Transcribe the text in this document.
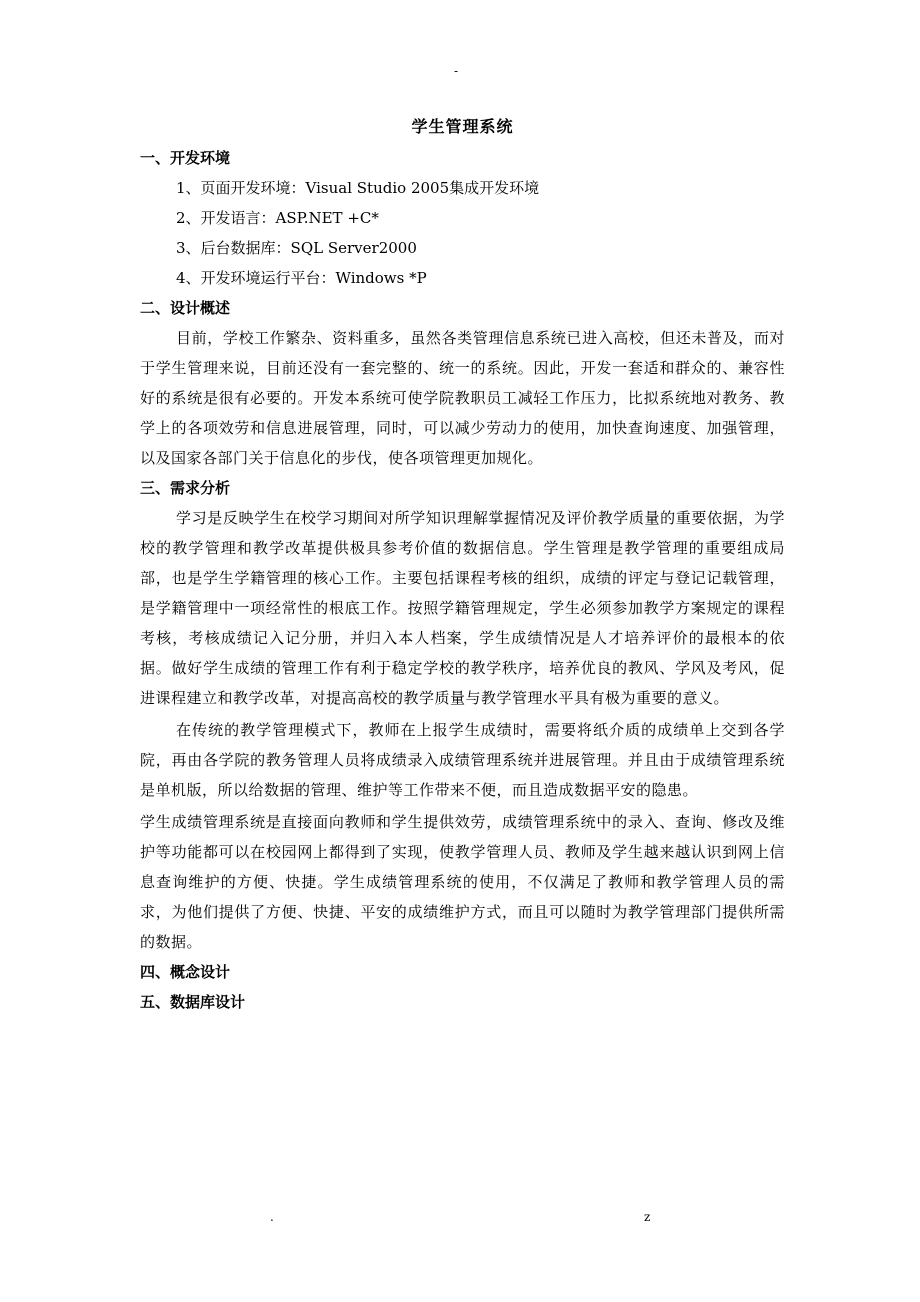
-
学生管理系统
一、开发环境
1、页面开发环境：Visual Studio 2005集成开发环境
2、开发语言：ASP.NET +C*
3、后台数据库：SQL Server2000
4、开发环境运行平台：Windows *P
二、设计概述
目前，学校工作繁杂、资料重多，虽然各类管理信息系统已进入高校，但还未普及，而对于学生管理来说，目前还没有一套完整的、统一的系统。因此，开发一套适和群众的、兼容性好的系统是很有必要的。开发本系统可使学院教职员工减轻工作压力，比拟系统地对教务、教学上的各项效劳和信息进展管理，同时，可以减少劳动力的使用，加快查询速度、加强管理，以及国家各部门关于信息化的步伐，使各项管理更加规化。
三、需求分析
学习是反映学生在校学习期间对所学知识理解掌握情况及评价教学质量的重要依据，为学校的教学管理和教学改革提供极具参考价值的数据信息。学生管理是教学管理的重要组成局部，也是学生学籍管理的核心工作。主要包括课程考核的组织，成绩的评定与登记记载管理，是学籍管理中一项经常性的根底工作。按照学籍管理规定，学生必须参加教学方案规定的课程考核，考核成绩记入记分册，并归入本人档案，学生成绩情况是人才培养评价的最根本的依据。做好学生成绩的管理工作有利于稳定学校的教学秩序，培养优良的教风、学风及考风，促进课程建立和教学改革，对提高高校的教学质量与教学管理水平具有极为重要的意义。
在传统的教学管理模式下，教师在上报学生成绩时，需要将纸介质的成绩单上交到各学院，再由各学院的教务管理人员将成绩录入成绩管理系统并进展管理。并且由于成绩管理系统是单机版，所以给数据的管理、维护等工作带来不便，而且造成数据平安的隐患。
学生成绩管理系统是直接面向教师和学生提供效劳，成绩管理系统中的录入、查询、修改及维护等功能都可以在校园网上都得到了实现，使教学管理人员、教师及学生越来越认识到网上信息查询维护的方便、快捷。学生成绩管理系统的使用，不仅满足了教师和教学管理人员的需求，为他们提供了方便、快捷、平安的成绩维护方式，而且可以随时为教学管理部门提供所需的数据。
四、概念设计
五、数据库设计
.	z
